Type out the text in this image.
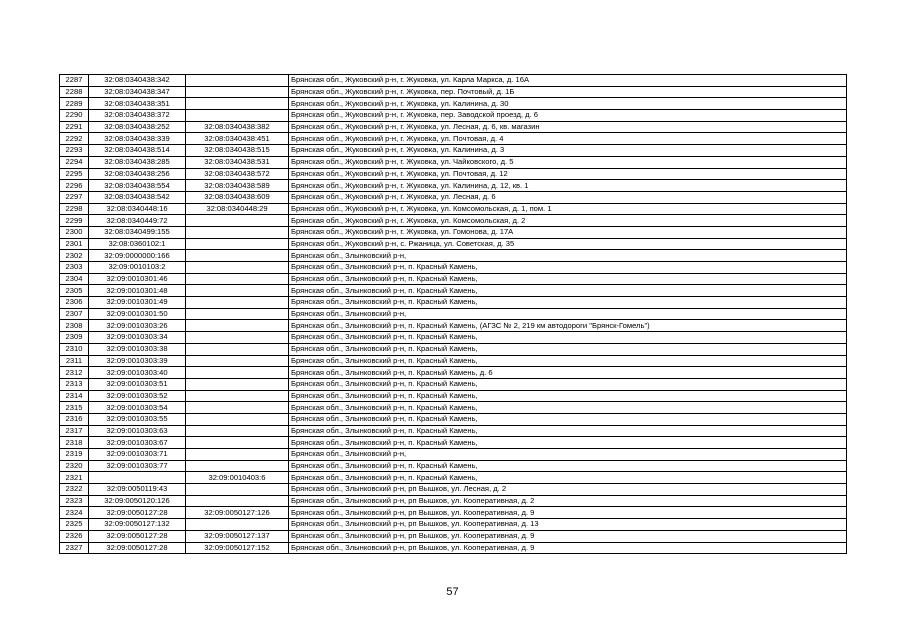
2287	32:08:0340438:342		Брянская обл., Жуковский р-н, г. Жуковка, ул. Карла Маркса, д. 16А
2288	32:08:0340438:347		Брянская обл., Жуковский р-н, г. Жуковка, пер. Почтовый, д. 1Б
2289	32:08:0340438:351		Брянская обл., Жуковский р-н, г. Жуковка, ул. Калинина, д. 30
2290	32:08:0340438:372		Брянская обл., Жуковский р-н, г. Жуковка, пер. Заводской проезд, д. 6
2291	32:08:0340438:252	32:08:0340438:382	Брянская обл., Жуковский р-н, г. Жуковка, ул. Лесная, д. 6, кв. магазин
2292	32:08:0340438:339	32:08:0340438:451	Брянская обл., Жуковский р-н, г. Жуковка, ул. Почтовая, д. 4
2293	32:08:0340438:514	32:08:0340438:515	Брянская обл., Жуковский р-н, г. Жуковка, ул. Калинина, д. 3
2294	32:08:0340438:285	32:08:0340438:531	Брянская обл., Жуковский р-н, г. Жуковка, ул. Чайковского, д. 5
2295	32:08:0340438:256	32:08:0340438:572	Брянская обл., Жуковский р-н, г. Жуковка, ул. Почтовая, д. 12
2296	32:08:0340438:554	32:08:0340438:589	Брянская обл., Жуковский р-н, г. Жуковка, ул. Калинина, д. 12, кв. 1
2297	32:08:0340438:542	32:08:0340438:609	Брянская обл., Жуковский р-н, г. Жуковка, ул. Лесная, д. 6
2298	32:08:0340448:16	32:08:0340448:29	Брянская обл., Жуковский р-н, г. Жуковка, ул. Комсомольская, д. 1, пом. 1
2299	32:08:0340449:72		Брянская обл., Жуковский р-н, г. Жуковка, ул. Комсомольская, д. 2
2300	32:08:0340499:155		Брянская обл., Жуковский р-н, г. Жуковка, ул. Гомонова, д. 17А
2301	32:08:0360102:1		Брянская обл., Жуковский р-н, с. Ржаница, ул. Советская, д. 35
2302	32:09:0000000:166		Брянская обл., Злынковский р-н,
2303	32:09:0010103:2		Брянская обл., Злынковский р-н, п. Красный Камень,
2304	32:09:0010301:46		Брянская обл., Злынковский р-н, п. Красный Камень,
2305	32:09:0010301:48		Брянская обл., Злынковский р-н, п. Красный Камень,
2306	32:09:0010301:49		Брянская обл., Злынковский р-н, п. Красный Камень,
2307	32:09:0010301:50		Брянская обл., Злынковский р-н,
2308	32:09:0010303:26		Брянская обл., Злынковский р-н, п. Красный Камень, (АГЗС № 2, 219 км автодороги "Брянск-Гомель")
2309	32:09:0010303:34		Брянская обл., Злынковский р-н, п. Красный Камень,
2310	32:09:0010303:38		Брянская обл., Злынковский р-н, п. Красный Камень,
2311	32:09:0010303:39		Брянская обл., Злынковский р-н, п. Красный Камень,
2312	32:09:0010303:40		Брянская обл., Злынковский р-н, п. Красный Камень, д. 6
2313	32:09:0010303:51		Брянская обл., Злынковский р-н, п. Красный Камень,
2314	32:09:0010303:52		Брянская обл., Злынковский р-н, п. Красный Камень,
2315	32:09:0010303:54		Брянская обл., Злынковский р-н, п. Красный Камень,
2316	32:09:0010303:55		Брянская обл., Злынковский р-н, п. Красный Камень,
2317	32:09:0010303:63		Брянская обл., Злынковский р-н, п. Красный Камень,
2318	32:09:0010303:67		Брянская обл., Злынковский р-н, п. Красный Камень,
2319	32:09:0010303:71		Брянская обл., Злынковский р-н,
2320	32:09:0010303:77		Брянская обл., Злынковский р-н, п. Красный Камень,
2321		32:09:0010403:6	Брянская обл., Злынковский р-н, п. Красный Камень,
2322	32:09:0050119:43		Брянская обл., Злынковский р-н, рп Вышков, ул. Лесная, д. 2
2323	32:09:0050120:126		Брянская обл., Злынковский р-н, рп Вышков, ул. Кооперативная, д. 2
2324	32:09:0050127:28	32:09:0050127:126	Брянская обл., Злынковский р-н, рп Вышков, ул. Кооперативная, д. 9
2325	32:09:0050127:132		Брянская обл., Злынковский р-н, рп Вышков, ул. Кооперативная, д. 13
2326	32:09:0050127:28	32:09:0050127:137	Брянская обл., Злынковский р-н, рп Вышков, ул. Кооперативная, д. 9
2327	32:09:0050127:28	32:09:0050127:152	Брянская обл., Злынковский р-н, рп Вышков, ул. Кооперативная, д. 9
57
